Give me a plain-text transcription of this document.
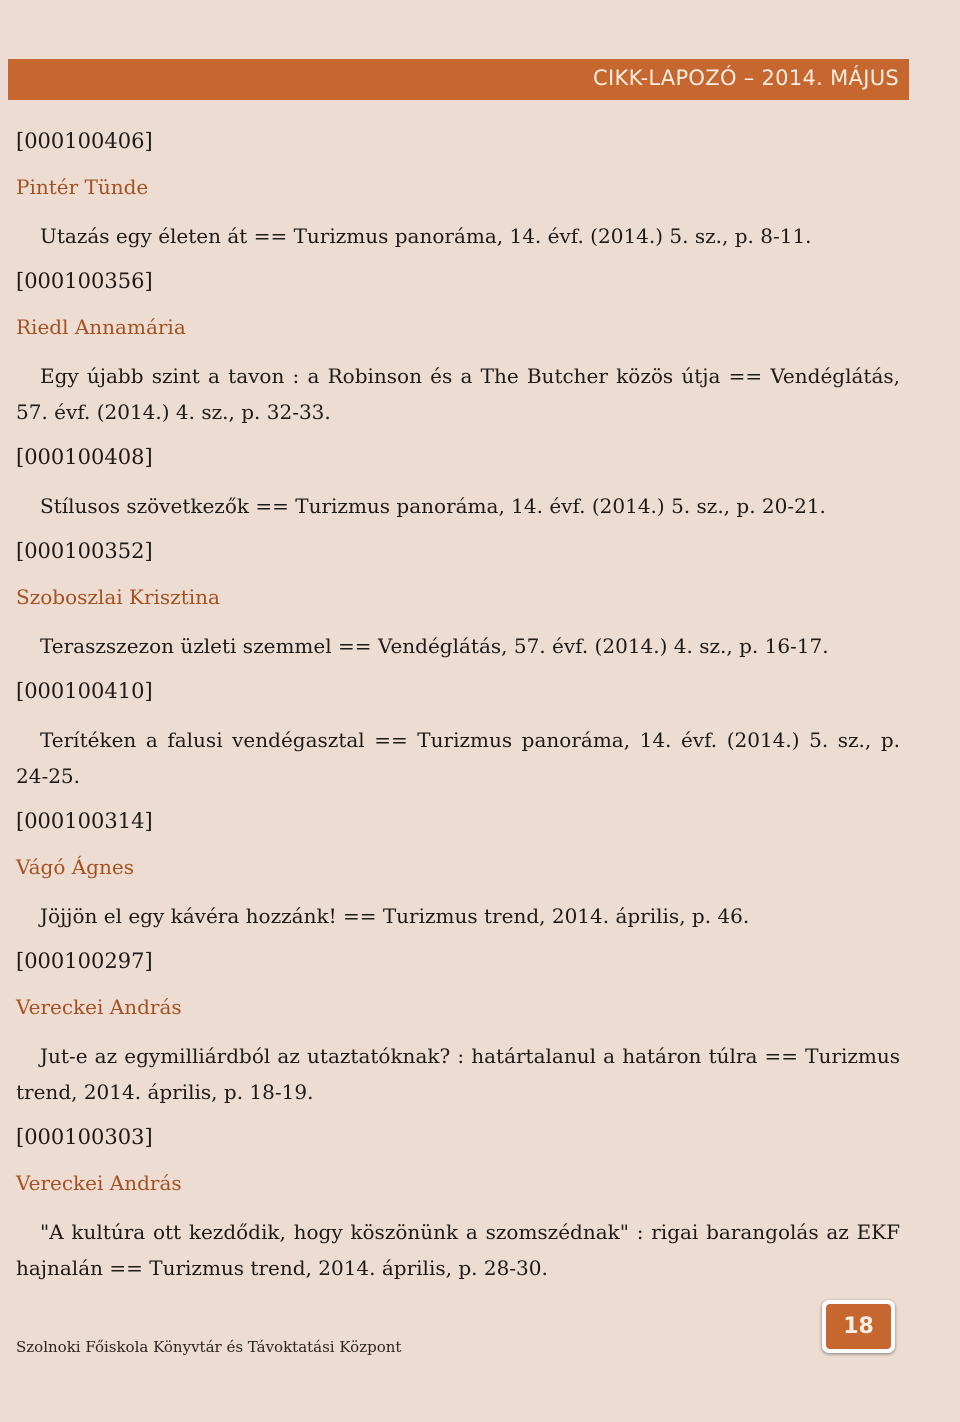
CIKK-LAPOZÓ – 2014. MÁJUS
[000100406]
Pintér Tünde
Utazás egy életen át == Turizmus panoráma, 14. évf. (2014.) 5. sz., p. 8-11.
[000100356]
Riedl Annamária
Egy újabb szint a tavon : a Robinson és a The Butcher közös útja == Vendéglátás, 57. évf. (2014.) 4. sz., p. 32-33.
[000100408]
Stílusos szövetkezők == Turizmus panoráma, 14. évf. (2014.) 5. sz., p. 20-21.
[000100352]
Szoboszlai Krisztina
Teraszszezon üzleti szemmel == Vendéglátás, 57. évf. (2014.) 4. sz., p. 16-17.
[000100410]
Terítéken a falusi vendégasztal == Turizmus panoráma, 14. évf. (2014.) 5. sz., p. 24-25.
[000100314]
Vágó Ágnes
Jöjjön el egy kávéra hozzánk! == Turizmus trend, 2014. április, p. 46.
[000100297]
Vereckei András
Jut-e az egymilliárdból az utaztatóknak? : határtalanul a határon túlra == Turizmus trend, 2014. április, p. 18-19.
[000100303]
Vereckei András
"A kultúra ott kezdődik, hogy köszönünk a szomszédnak" : rigai barangolás az EKF hajnalán == Turizmus trend, 2014. április, p. 28-30.
Szolnoki Főiskola Könyvtár és Távoktatási Központ
18
